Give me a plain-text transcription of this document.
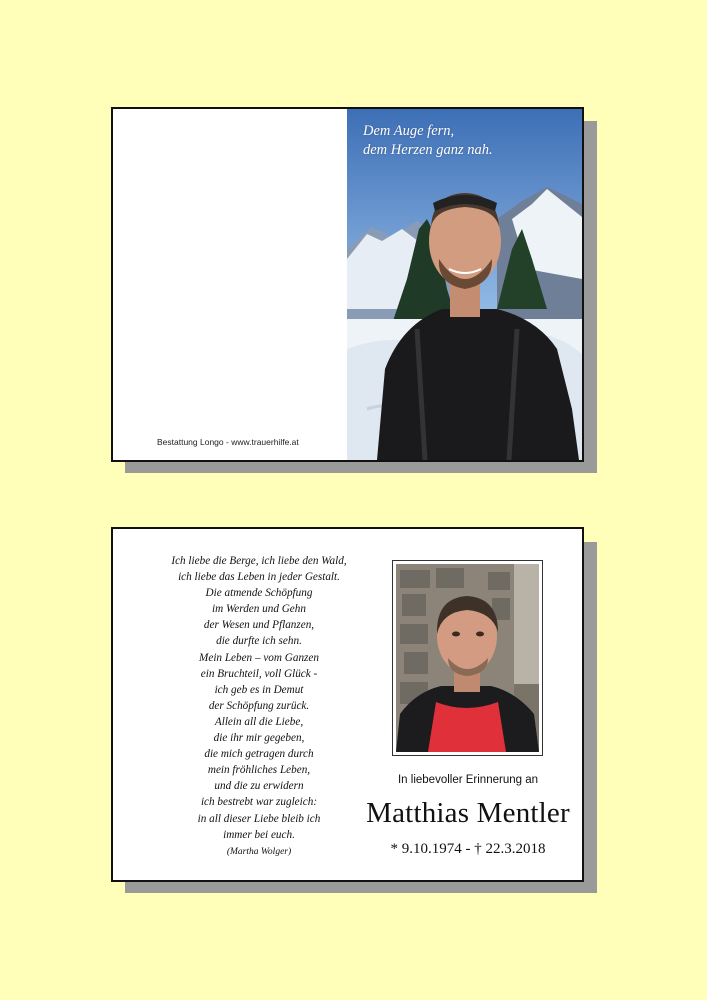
Bestattung Longo - www.trauerhilfe.at
Dem Auge fern,
dem Herzen ganz nah.
Ich liebe die Berge, ich liebe den Wald,
ich liebe das Leben in jeder Gestalt.
Die atmende Schöpfung
im Werden und Gehn
der Wesen und Pflanzen,
die durfte ich sehn.
Mein Leben – vom Ganzen
ein Bruchteil, voll Glück -
ich geb es in Demut
der Schöpfung zurück.
Allein all die Liebe,
die ihr mir gegeben,
die mich getragen durch
mein fröhliches Leben,
und die zu erwidern
ich bestrebt war zugleich:
in all dieser Liebe bleib ich
immer bei euch.
(Martha Wolger)
In liebevoller Erinnerung an
Matthias Mentler
* 9.10.1974 - † 22.3.2018
